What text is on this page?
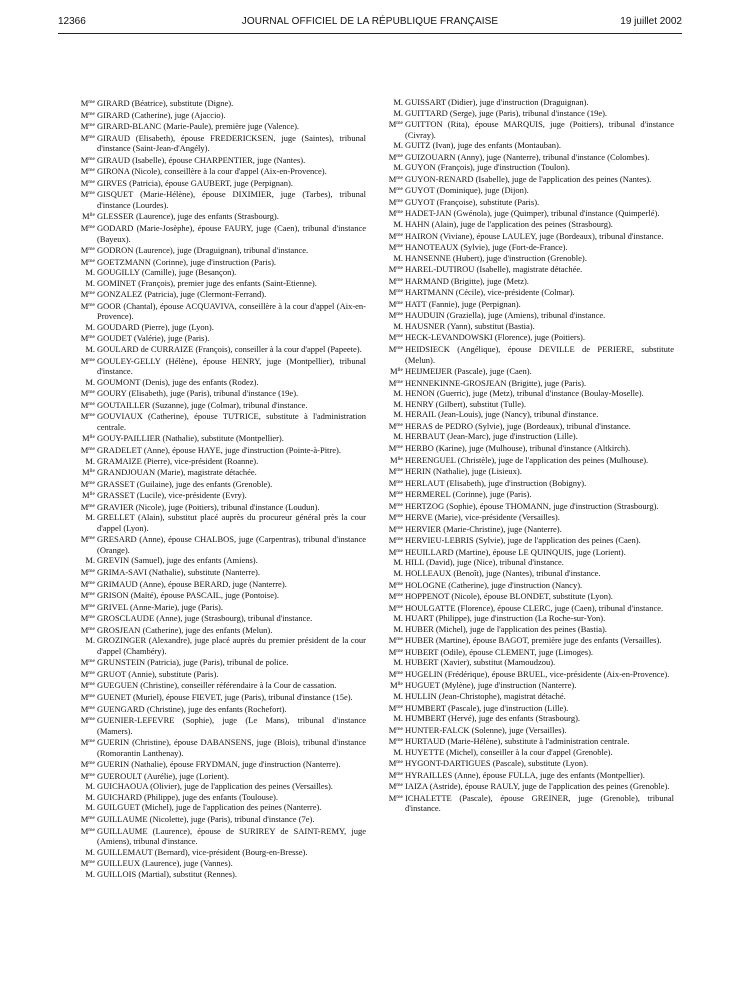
12366	JOURNAL OFFICIEL DE LA RÉPUBLIQUE FRANÇAISE	19 juillet 2002
$M^{me}$ GIRARD (Béatrice), substitute (Digne).
$M^{me}$ GIRARD (Catherine), juge (Ajaccio).
$M^{me}$ GIRARD-BLANC (Marie-Paule), première juge (Valence).
$M^{me}$ GIRAUD (Elisabeth), épouse FREDERICKSEN, juge (Saintes), tribunal d'instance (Saint-Jean-d'Angély).
$M^{me}$ GIRAUD (Isabelle), épouse CHARPENTIER, juge (Nantes).
$M^{me}$ GIRONA (Nicole), conseillère à la cour d'appel (Aix-en-Provence).
$M^{me}$ GIRVES (Patricia), épouse GAUBERT, juge (Perpignan).
$M^{me}$ GISQUET (Marie-Hélène), épouse DIXIMIER, juge (Tarbes), tribunal d'instance (Lourdes).
$M^{lle}$ GLESSER (Laurence), juge des enfants (Strasbourg).
$M^{me}$ GODARD (Marie-Josèphe), épouse FAURY, juge (Caen), tribunal d'instance (Bayeux).
$M^{me}$ GODRON (Laurence), juge (Draguignan), tribunal d'instance.
$M^{me}$ GOETZMANN (Corinne), juge d'instruction (Paris).
M. GOUGILLY (Camille), juge (Besançon).
M. GOMINET (François), premier juge des enfants (Saint-Etienne).
$M^{me}$ GONZALEZ (Patricia), juge (Clermont-Ferrand).
$M^{me}$ GOOR (Chantal), épouse ACQUAVIVA, conseillère à la cour d'appel (Aix-en-Provence).
M. GOUDARD (Pierre), juge (Lyon).
$M^{me}$ GOUDET (Valérie), juge (Paris).
M. GOULARD de CURRAIZE (François), conseiller à la cour d'appel (Papeete).
$M^{me}$ GOULEY-GELLY (Hélène), épouse HENRY, juge (Montpellier), tribunal d'instance.
M. GOUMONT (Denis), juge des enfants (Rodez).
$M^{me}$ GOURY (Elisabeth), juge (Paris), tribunal d'instance (19e).
$M^{me}$ GOUTAILLER (Suzanne), juge (Colmar), tribunal d'instance.
$M^{me}$ GOUVIAUX (Catherine), épouse TUTRICE, substitute à l'administration centrale.
$M^{lle}$ GOUY-PAILLIER (Nathalie), substitute (Montpellier).
$M^{me}$ GRADELET (Anne), épouse HAYE, juge d'instruction (Pointe-à-Pitre).
M. GRAMAIZE (Pierre), vice-président (Roanne).
$M^{lle}$ GRANDJOUAN (Marie), magistrate détachée.
$M^{me}$ GRASSET (Guilaine), juge des enfants (Grenoble).
$M^{lle}$ GRASSET (Lucile), vice-présidente (Evry).
$M^{me}$ GRAVIER (Nicole), juge (Poitiers), tribunal d'instance (Loudun).
M. GRELLET (Alain), substitut placé auprès du procureur général près la cour d'appel (Lyon).
$M^{me}$ GRESARD (Anne), épouse CHALBOS, juge (Carpentras), tribunal d'instance (Orange).
M. GREVIN (Samuel), juge des enfants (Amiens).
$M^{me}$ GRIMA-SAVI (Nathalie), substitute (Nanterre).
$M^{me}$ GRIMAUD (Anne), épouse BERARD, juge (Nanterre).
$M^{me}$ GRISON (Maïté), épouse PASCAIL, juge (Pontoise).
$M^{me}$ GRIVEL (Anne-Marie), juge (Paris).
$M^{me}$ GROSCLAUDE (Anne), juge (Strasbourg), tribunal d'instance.
$M^{me}$ GROSJEAN (Catherine), juge des enfants (Melun).
M. GROZINGER (Alexandre), juge placé auprès du premier président de la cour d'appel (Chambéry).
$M^{me}$ GRUNSTEIN (Patricia), juge (Paris), tribunal de police.
$M^{me}$ GRUOT (Annie), substitute (Paris).
$M^{me}$ GUEGUEN (Christine), conseiller référendaire à la Cour de cassation.
$M^{me}$ GUENET (Muriel), épouse FIEVET, juge (Paris), tribunal d'instance (15e).
$M^{me}$ GUENGARD (Christine), juge des enfants (Rochefort).
$M^{me}$ GUENIER-LEFEVRE (Sophie), juge (Le Mans), tribunal d'instance (Mamers).
$M^{me}$ GUERIN (Christine), épouse DABANSENS, juge (Blois), tribunal d'instance (Romorantin Lanthenay).
$M^{me}$ GUERIN (Nathalie), épouse FRYDMAN, juge d'instruction (Nanterre).
$M^{me}$ GUEROULT (Aurélie), juge (Lorient).
M. GUICHAOUA (Olivier), juge de l'application des peines (Versailles).
M. GUICHARD (Philippe), juge des enfants (Toulouse).
M. GUILGUET (Michel), juge de l'application des peines (Nanterre).
$M^{me}$ GUILLAUME (Nicolette), juge (Paris), tribunal d'instance (7e).
$M^{me}$ GUILLAUME (Laurence), épouse de SURIREY de SAINT-REMY, juge (Amiens), tribunal d'instance.
M. GUILLEMAUT (Bernard), vice-président (Bourg-en-Bresse).
$M^{me}$ GUILLEUX (Laurence), juge (Vannes).
M. GUILLOIS (Martial), substitut (Rennes).
M. GUISSART (Didier), juge d'instruction (Draguignan).
M. GUITTARD (Serge), juge (Paris), tribunal d'instance (19e).
$M^{me}$ GUITTON (Rita), épouse MARQUIS, juge (Poitiers), tribunal d'instance (Civray).
M. GUITZ (Ivan), juge des enfants (Montauban).
$M^{me}$ GUIZOUARN (Anny), juge (Nanterre), tribunal d'instance (Colombes).
M. GUYON (François), juge d'instruction (Toulon).
$M^{me}$ GUYON-RENARD (Isabelle), juge de l'application des peines (Nantes).
$M^{me}$ GUYOT (Dominique), juge (Dijon).
$M^{me}$ GUYOT (Françoise), substitute (Paris).
$M^{me}$ HADET-JAN (Gwénola), juge (Quimper), tribunal d'instance (Quimperlé).
M. HAHN (Alain), juge de l'application des peines (Strasbourg).
$M^{me}$ HAIRON (Viviane), épouse LAULEY, juge (Bordeaux), tribunal d'instance.
$M^{me}$ HANOTEAUX (Sylvie), juge (Fort-de-France).
M. HANSENNE (Hubert), juge d'instruction (Grenoble).
$M^{me}$ HAREL-DUTIROU (Isabelle), magistrate détachée.
$M^{me}$ HARMAND (Brigitte), juge (Metz).
$M^{me}$ HARTMANN (Cécile), vice-présidente (Colmar).
$M^{me}$ HATT (Fannie), juge (Perpignan).
$M^{me}$ HAUDUIN (Graziella), juge (Amiens), tribunal d'instance.
M. HAUSNER (Yann), substitut (Bastia).
$M^{me}$ HECK-LEVANDOWSKI (Florence), juge (Poitiers).
$M^{me}$ HEIDSIECK (Angélique), épouse DEVILLE de PERIERE, substitute (Melun).
$M^{lle}$ HEIJMEIJER (Pascale), juge (Caen).
$M^{me}$ HENNEKINNE-GROSJEAN (Brigitte), juge (Paris).
M. HENON (Guerric), juge (Metz), tribunal d'instance (Boulay-Moselle).
M. HENRY (Gilbert), substitut (Tulle).
M. HERAIL (Jean-Louis), juge (Nancy), tribunal d'instance.
$M^{me}$ HERAS de PEDRO (Sylvie), juge (Bordeaux), tribunal d'instance.
M. HERBAUT (Jean-Marc), juge d'instruction (Lille).
$M^{me}$ HERBO (Karine), juge (Mulhouse), tribunal d'instance (Altkirch).
$M^{lle}$ HERENGUEL (Christèle), juge de l'application des peines (Mulhouse).
$M^{me}$ HERIN (Nathalie), juge (Lisieux).
$M^{me}$ HERLAUT (Elisabeth), juge d'instruction (Bobigny).
$M^{me}$ HERMEREL (Corinne), juge (Paris).
$M^{me}$ HERTZOG (Sophie), épouse THOMANN, juge d'instruction (Strasbourg).
$M^{me}$ HERVE (Marie), vice-présidente (Versailles).
$M^{me}$ HERVIER (Marie-Christine), juge (Nanterre).
$M^{me}$ HERVIEU-LEBRIS (Sylvie), juge de l'application des peines (Caen).
$M^{me}$ HEUILLARD (Martine), épouse LE QUINQUIS, juge (Lorient).
M. HILL (David), juge (Nice), tribunal d'instance.
M. HOLLEAUX (Benoît), juge (Nantes), tribunal d'instance.
$M^{me}$ HOLOGNE (Catherine), juge d'instruction (Nancy).
$M^{me}$ HOPPENOT (Nicole), épouse BLONDET, substitute (Lyon).
$M^{me}$ HOULGATTE (Florence), épouse CLERC, juge (Caen), tribunal d'instance.
M. HUART (Philippe), juge d'instruction (La Roche-sur-Yon).
M. HUBER (Michel), juge de l'application des peines (Bastia).
$M^{me}$ HUBER (Martine), épouse BAGOT, première juge des enfants (Versailles).
$M^{me}$ HUBERT (Odile), épouse CLEMENT, juge (Limoges).
M. HUBERT (Xavier), substitut (Mamoudzou).
$M^{me}$ HUGELIN (Frédérique), épouse BRUEL, vice-présidente (Aix-en-Provence).
$M^{lle}$ HUGUET (Mylène), juge d'instruction (Nanterre).
M. HULLIN (Jean-Christophe), magistrat détaché.
$M^{me}$ HUMBERT (Pascale), juge d'instruction (Lille).
M. HUMBERT (Hervé), juge des enfants (Strasbourg).
$M^{me}$ HUNTER-FALCK (Solenne), juge (Versailles).
$M^{me}$ HURTAUD (Marie-Hélène), substitute à l'administration centrale.
M. HUYETTE (Michel), conseiller à la cour d'appel (Grenoble).
$M^{me}$ HYGONT-DARTIGUES (Pascale), substitute (Lyon).
$M^{me}$ HYRAILLES (Anne), épouse FULLA, juge des enfants (Montpellier).
$M^{me}$ IAIZA (Astride), épouse RAULY, juge de l'application des peines (Grenoble).
$M^{me}$ ICHALETTE (Pascale), épouse GREINER, juge (Grenoble), tribunal d'instance.
